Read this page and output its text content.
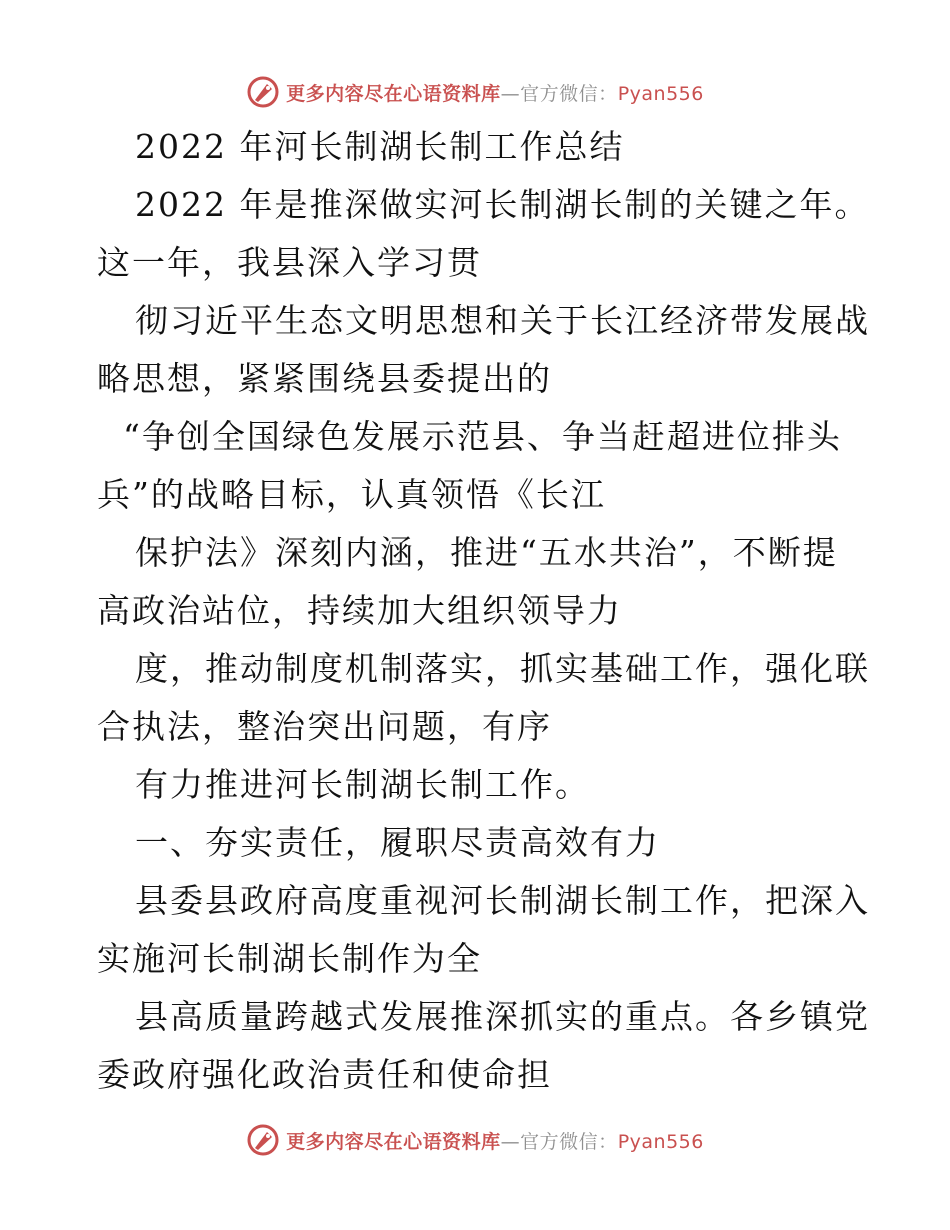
更多内容尽在心语资料库—官方微信：Pyan556
2022 年河长制湖长制工作总结
2022 年是推深做实河长制湖长制的关键之年。
这一年，我县深入学习贯
彻习近平生态文明思想和关于长江经济带发展战
略思想，紧紧围绕县委提出的
“争创全国绿色发展示范县、争当赶超进位排头
兵”的战略目标，认真领悟《长江
保护法》深刻内涵，推进“五水共治”，不断提
高政治站位，持续加大组织领导力
度，推动制度机制落实，抓实基础工作，强化联
合执法，整治突出问题，有序
有力推进河长制湖长制工作。
一、夯实责任，履职尽责高效有力
县委县政府高度重视河长制湖长制工作，把深入
实施河长制湖长制作为全
县高质量跨越式发展推深抓实的重点。各乡镇党
委政府强化政治责任和使命担
更多内容尽在心语资料库—官方微信：Pyan556
